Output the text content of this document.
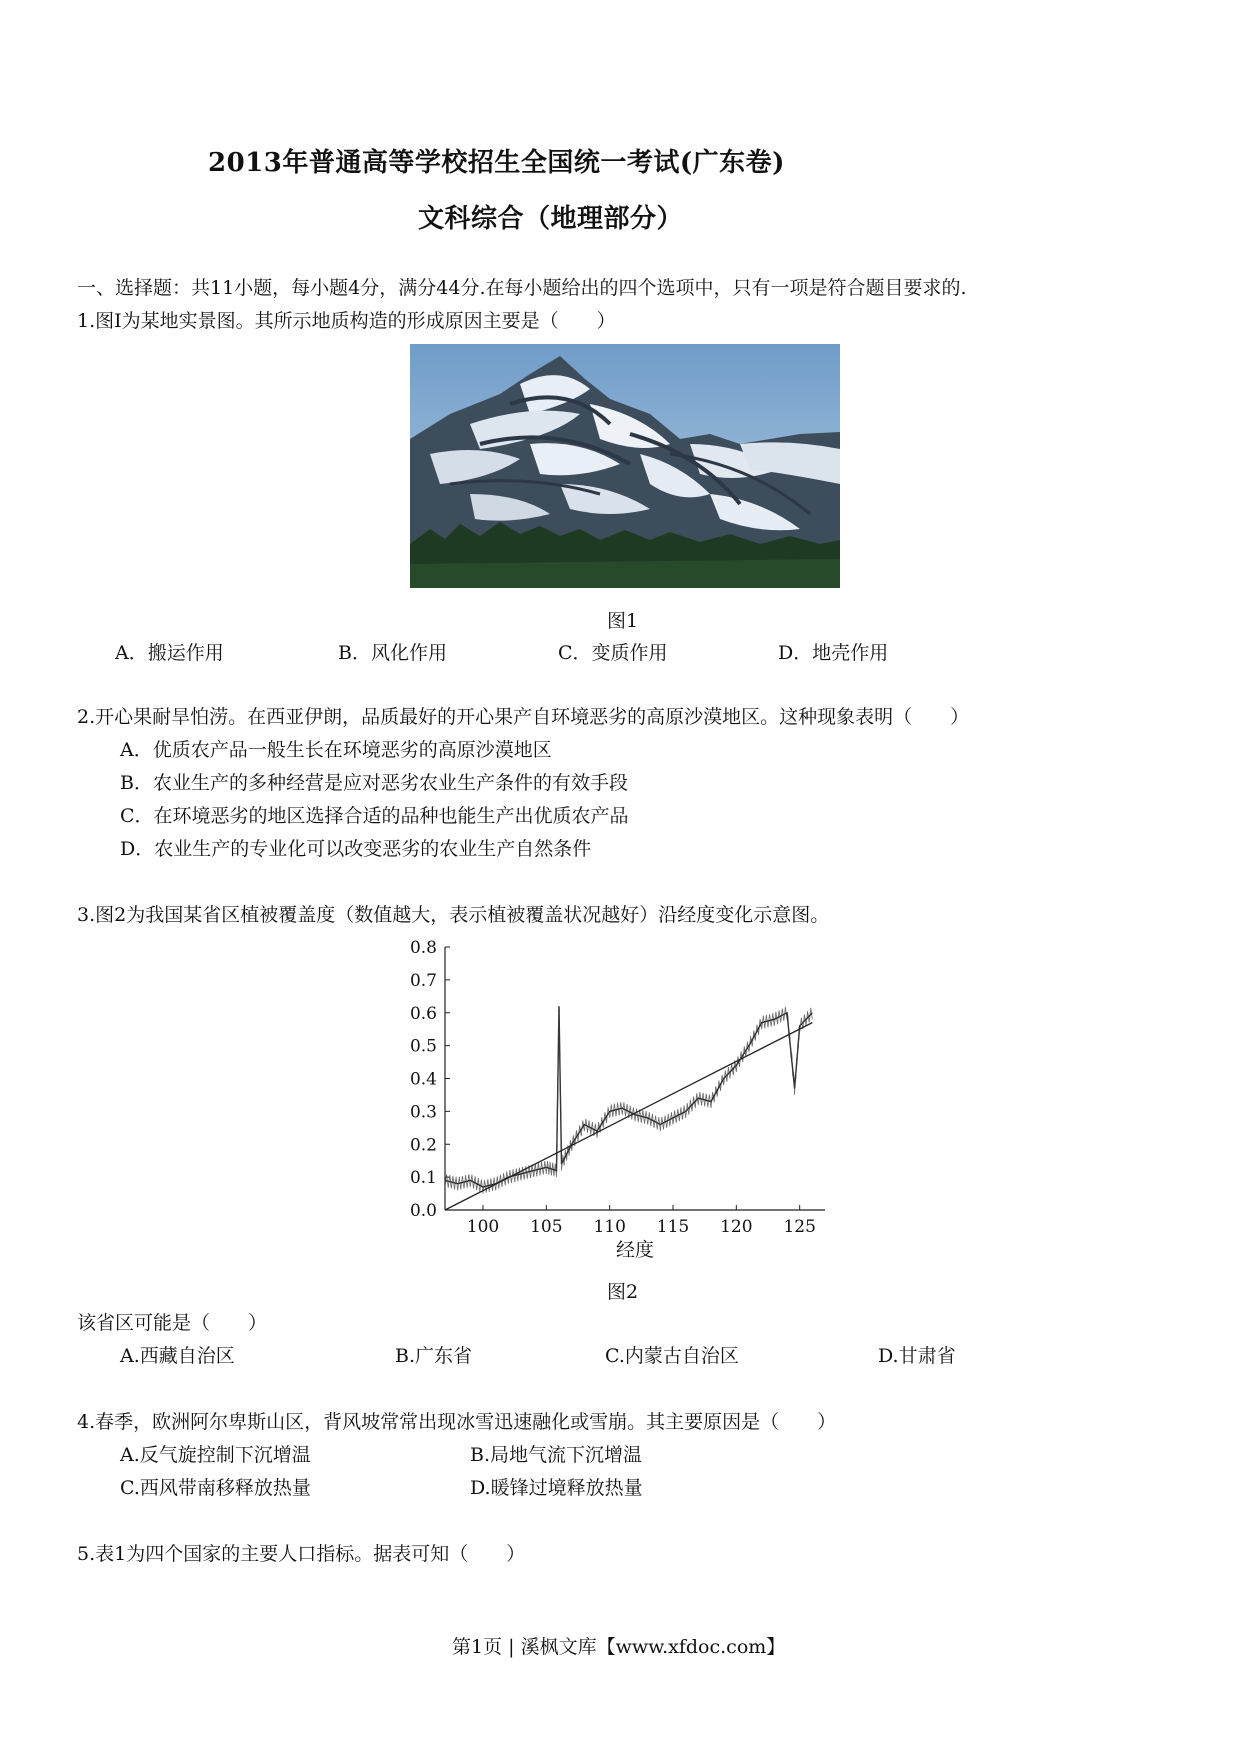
2013年普通高等学校招生全国统一考试(广东卷)
文科综合（地理部分）
一、选择题：共11小题，每小题4分，满分44分.在每小题给出的四个选项中，只有一项是符合题目要求的.
1.图I为某地实景图。其所示地质构造的形成原因主要是（　　）
图1
A．搬运作用	B．风化作用	C．变质作用	D．地壳作用
2.开心果耐旱怕涝。在西亚伊朗，品质最好的开心果产自环境恶劣的高原沙漠地区。这种现象表明（　　）
A．优质农产品一般生长在环境恶劣的高原沙漠地区
B．农业生产的多种经营是应对恶劣农业生产条件的有效手段
C．在环境恶劣的地区选择合适的品种也能生产出优质农产品
D．农业生产的专业化可以改变恶劣的农业生产自然条件
3.图2为我国某省区植被覆盖度（数值越大，表示植被覆盖状况越好）沿经度变化示意图。
0.0
0.1
0.2
0.3
0.4
0.5
0.6
0.7
0.8
100 105 110 115 120 125
经度
图2
该省区可能是（　　）
A.西藏自治区	B.广东省	C.内蒙古自治区	D.甘肃省
4.春季，欧洲阿尔卑斯山区，背风坡常常出现冰雪迅速融化或雪崩。其主要原因是（　　）
A.反气旋控制下沉增温	B.局地气流下沉增温
C.西风带南移释放热量	D.暖锋过境释放热量
5.表1为四个国家的主要人口指标。据表可知（　　）
第1页 | 溪枫文库【www.xfdoc.com】
